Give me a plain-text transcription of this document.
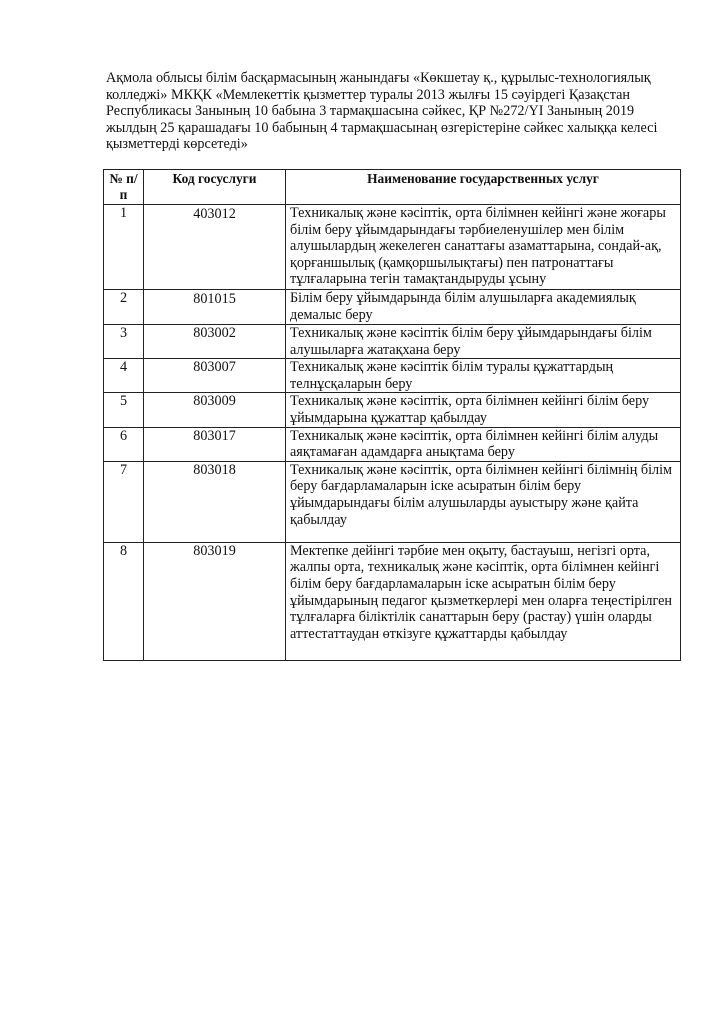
Ақмола облысы білім басқармасының жанындағы «Көкшетау қ., құрылыс-технологиялық колледжі» МКҚК «Мемлекеттік қызметтер туралы 2013 жылғы 15 сәуірдегі Қазақстан Республикасы Занының 10 бабына 3 тармақшасына сәйкес, ҚР №272/YI Занының 2019 жылдың 25 қарашадағы 10 бабының 4 тармақшасынаң өзгерістеріне сәйкес халыққа келесі қызметтерді көрсетеді»

№ п/п	Код госуслуги	Наименование государственных услуг
1	403012	Техникалық және кәсіптік, орта білімнен кейінгі және жоғары білім беру ұйымдарындағы тәрбиеленушілер мен білім алушылардың жекелеген санаттағы азаматтарына, сондай-ақ, қорғаншылық (қамқоршылықтағы) пен патронаттағы тұлғаларына тегін тамақтандыруды ұсыну
2	801015	Білім беру ұйымдарында білім алушыларға академиялық демалыс беру
3	803002	Техникалық және кәсіптік білім беру ұйымдарындағы білім алушыларға жатақхана беру
4	803007	Техникалық және кәсіптік білім туралы құжаттардың телнұсқаларын беру
5	803009	Техникалық және кәсіптік, орта білімнен кейінгі білім беру ұйымдарына құжаттар қабылдау
6	803017	Техникалық және кәсіптік, орта білімнен кейінгі білім алуды аяқтамаған адамдарға анықтама беру
7	803018	Техникалық және кәсіптік, орта білімнен кейінгі білімнің білім беру бағдарламаларын іске асыратын білім беру ұйымдарындағы білім алушыларды ауыстыру және қайта қабылдау
8	803019	Мектепке дейінгі тәрбие мен оқыту, бастауыш, негізгі орта, жалпы орта, техникалық және кәсіптік, орта білімнен кейінгі білім беру бағдарламаларын іске асыратын білім беру ұйымдарының педагог қызметкерлері мен оларға теңестірілген тұлғаларға біліктілік санаттарын беру (растау) үшін оларды аттестаттаудан өткізуге құжаттарды қабылдау
